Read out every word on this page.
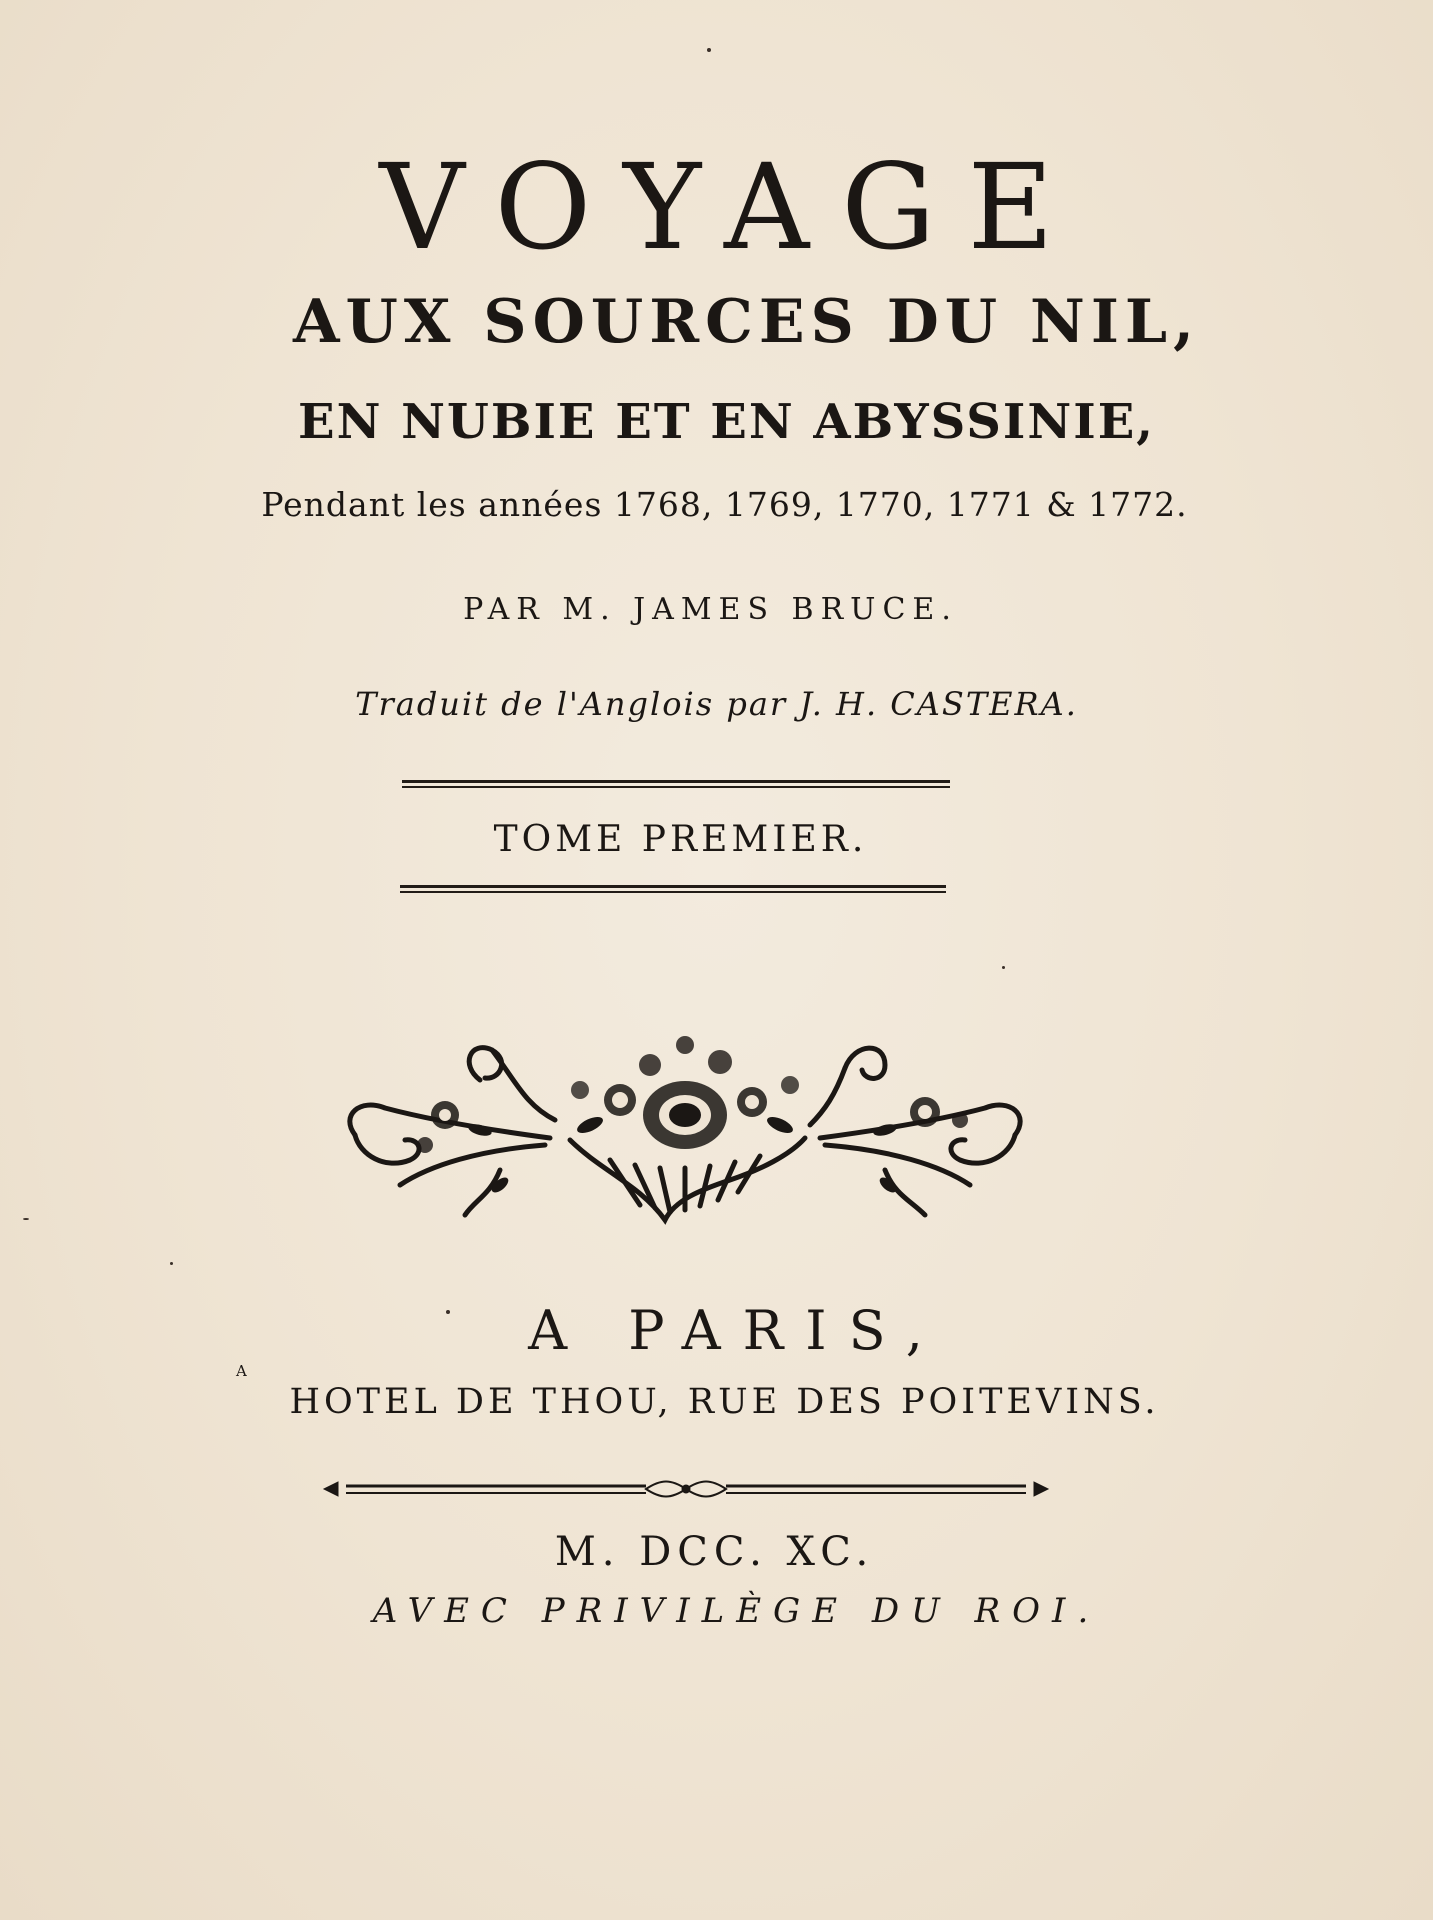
VOYAGE
AUX SOURCES DU NIL,
EN NUBIE ET EN ABYSSINIE,
Pendant les années 1768, 1769, 1770, 1771 & 1772.
PAR M. JAMES BRUCE.
Traduit de l'Anglois par J. H. CASTERA.
TOME PREMIER.
A PARIS,
A
HOTEL DE THOU, RUE DES POITEVINS.
M. DCC. XC.
AVEC PRIVILÈGE DU ROI.
